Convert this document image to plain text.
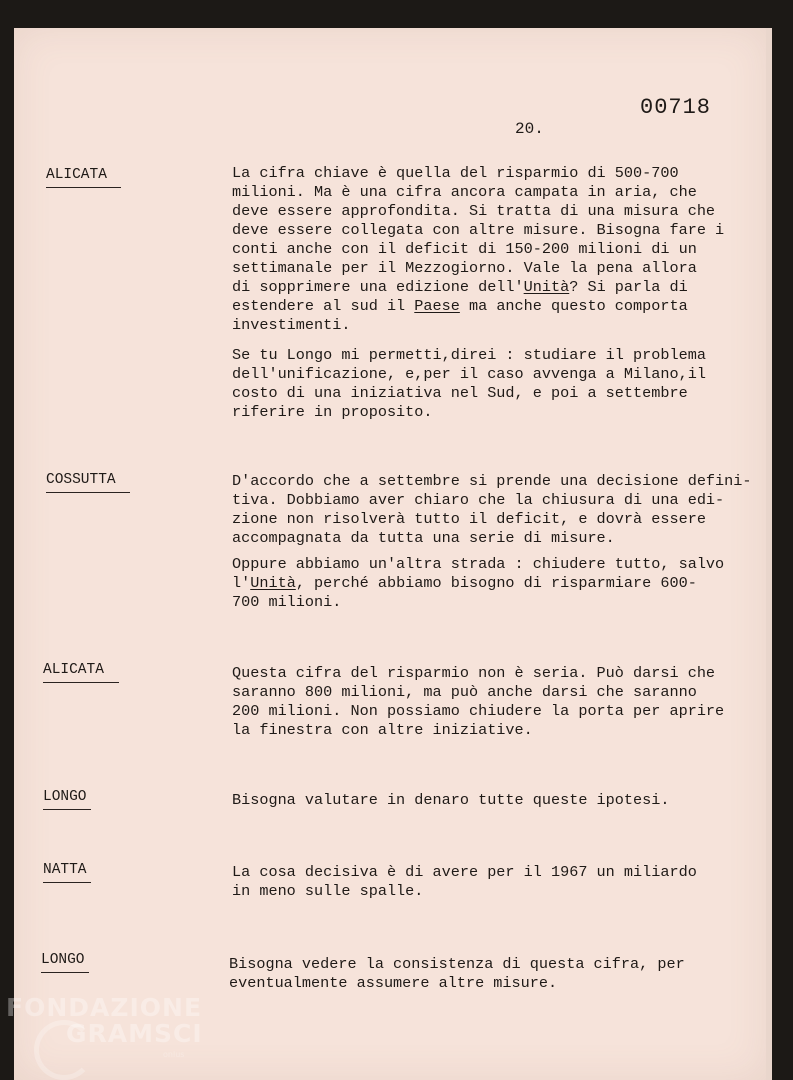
00718
20.
ALICATA	La cifra chiave è quella del risparmio di 500-700
milioni. Ma è una cifra ancora campata in aria, che
deve essere approfondita. Si tratta di una misura che
deve essere collegata con altre misure. Bisogna fare i
conti anche con il deficit di 150-200 milioni di un
settimanale per il Mezzogiorno. Vale la pena allora
di sopprimere una edizione dell'Unità? Si parla di
estendere al sud il Paese ma anche questo comporta
investimenti.

Se tu Longo mi permetti,direi : studiare il problema
dell'unificazione, e,per il caso avvenga a Milano,il
costo di una iniziativa nel Sud, e poi a settembre
riferire in proposito.

COSSUTTA	D'accordo che a settembre si prende una decisione defini-
tiva. Dobbiamo aver chiaro che la chiusura di una edi-
zione non risolverà tutto il deficit, e dovrà essere
accompagnata da tutta una serie di misure.

Oppure abbiamo un'altra strada : chiudere tutto, salvo
l'Unità, perché abbiamo bisogno di risparmiare 600-
700 milioni.

ALICATA	Questa cifra del risparmio non è seria. Può darsi che
saranno 800 milioni, ma può anche darsi che saranno
200 milioni. Non possiamo chiudere la porta per aprire
la finestra con altre iniziative.

LONGO	Bisogna valutare in denaro tutte queste ipotesi.

NATTA	La cosa decisiva è di avere per il 1967 un miliardo
in meno sulle spalle.

LONGO	Bisogna vedere la consistenza di questa cifra, per
eventualmente assumere altre misure.

FONDAZIONE
GRAMSCI
onlus
